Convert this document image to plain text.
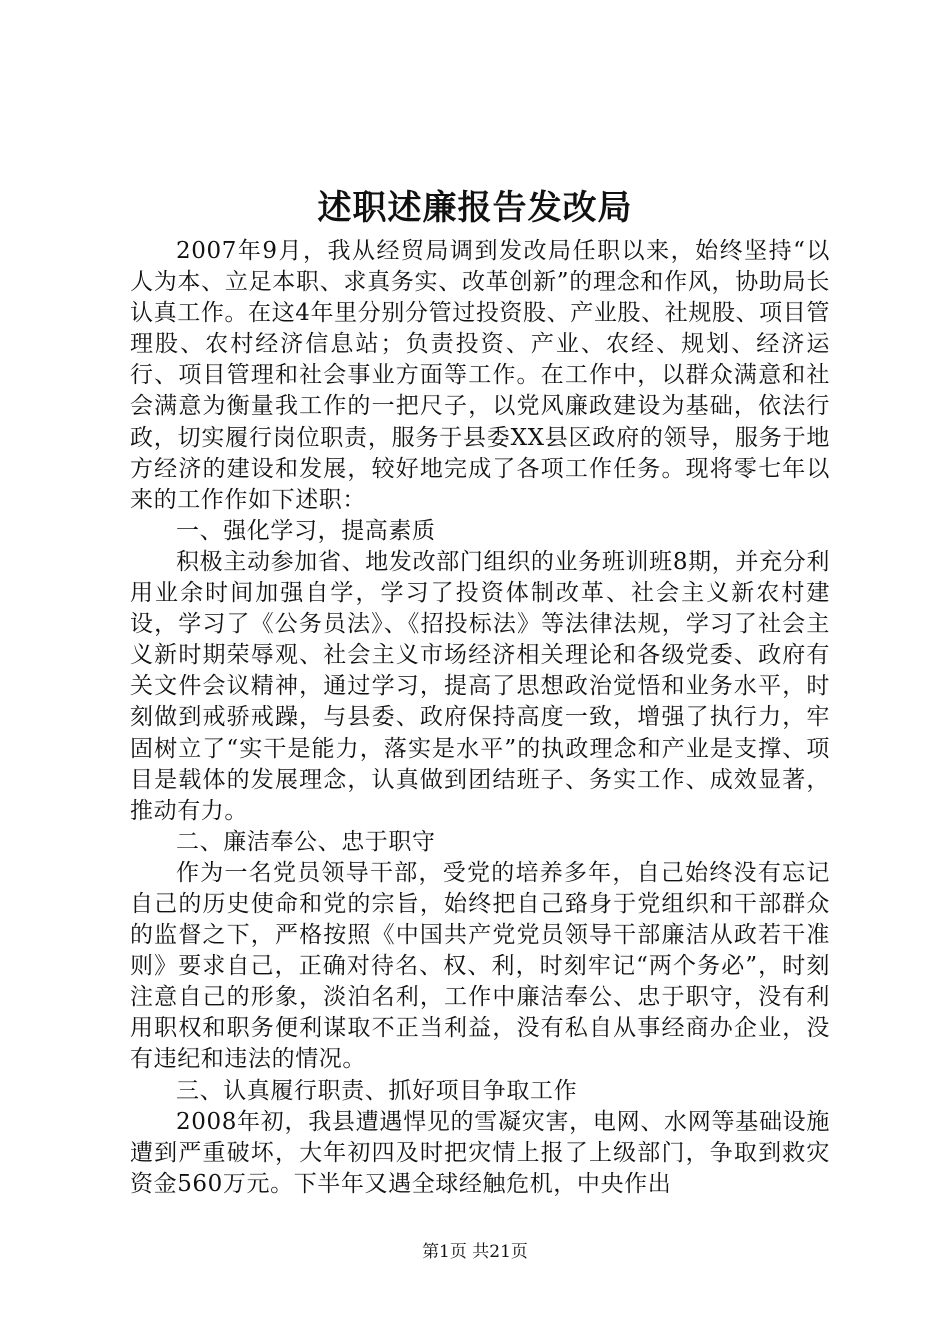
述职述廉报告发改局

2007年9月，我从经贸局调到发改局任职以来，始终坚持“以人为本、立足本职、求真务实、改革创新”的理念和作风，协助局长认真工作。在这4年里分别分管过投资股、产业股、社规股、项目管理股、农村经济信息站；负责投资、产业、农经、规划、经济运行、项目管理和社会事业方面等工作。在工作中，以群众满意和社会满意为衡量我工作的一把尺子，以党风廉政建设为基础，依法行政，切实履行岗位职责，服务于县委XX县区政府的领导，服务于地方经济的建设和发展，较好地完成了各项工作任务。现将零七年以来的工作作如下述职：

一、强化学习，提高素质

积极主动参加省、地发改部门组织的业务班训班8期，并充分利用业余时间加强自学，学习了投资体制改革、社会主义新农村建设，学习了《公务员法》、《招投标法》等法律法规，学习了社会主义新时期荣辱观、社会主义市场经济相关理论和各级党委、政府有关文件会议精神，通过学习，提高了思想政治觉悟和业务水平，时刻做到戒骄戒躁，与县委、政府保持高度一致，增强了执行力，牢固树立了“实干是能力，落实是水平”的执政理念和产业是支撑、项目是载体的发展理念，认真做到团结班子、务实工作、成效显著，推动有力。

二、廉洁奉公、忠于职守

作为一名党员领导干部，受党的培养多年，自己始终没有忘记自己的历史使命和党的宗旨，始终把自己臵身于党组织和干部群众的监督之下，严格按照《中国共产党党员领导干部廉洁从政若干准则》要求自己，正确对待名、权、利，时刻牢记“两个务必”，时刻注意自己的形象，淡泊名利，工作中廉洁奉公、忠于职守，没有利用职权和职务便利谋取不正当利益，没有私自从事经商办企业，没有违纪和违法的情况。

三、认真履行职责、抓好项目争取工作

2008年初，我县遭遇悍见的雪凝灾害，电网、水网等基础设施遭到严重破坏，大年初四及时把灾情上报了上级部门，争取到救灾资金560万元。下半年又遇全球经触危机，中央作出

第1页 共21页
